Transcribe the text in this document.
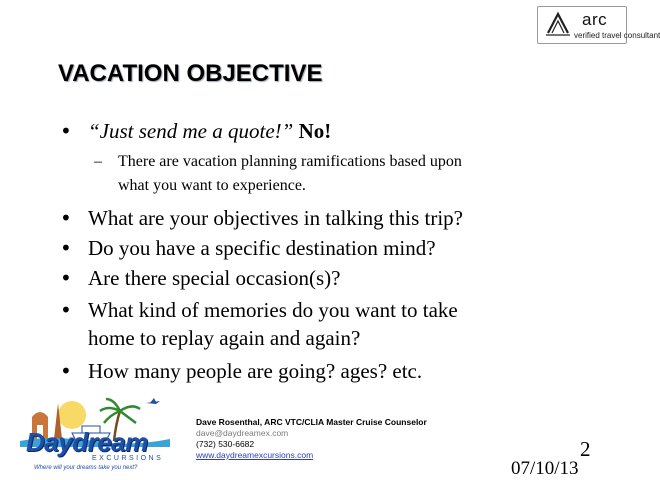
arc
verified travel consultant
VACATION OBJECTIVE
• “Just send me a quote!” No!
– There are vacation planning ramifications based upon
what you want to experience.
• What are your objectives in talking this trip?
• Do you have a specific destination mind?
• Are there special occasion(s)?
• What kind of memories do you want to take
home to replay again and again?
• How many people are going? ages? etc.
Daydream
EXCURSIONS
Where will your dreams take you next?
Dave Rosenthal, ARC VTC/CLIA Master Cruise Counselor
dave@daydreamex.com
(732) 530-6682
www.daydreamexcursions.com	2
07/10/13
